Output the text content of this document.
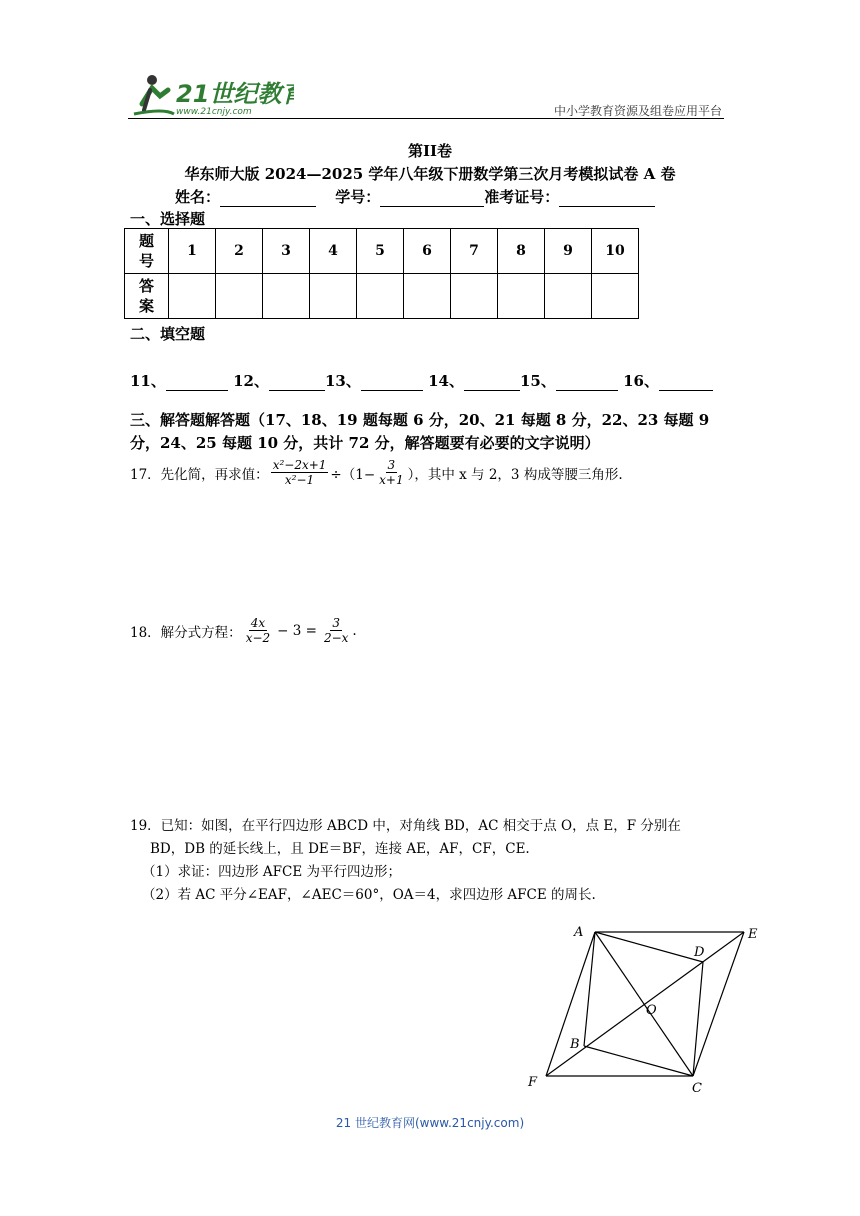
21世纪教育
www.21cnjy.com	中小学教育资源及组卷应用平台
第II卷
华东师大版 2024—2025 学年八年级下册数学第三次月考模拟试卷 A 卷
姓名：	学号：	准考证号：
一、选择题
题号	1	2	3	4	5	6	7	8	9	10
答案										
二、填空题
11、	12、	13、	14、	15、	16、
三、解答题解答题（17、18、19 题每题 6 分，20、21 每题 8 分，22、23 每题 9
分，24、25 每题 10 分，共计 72 分，解答题要有必要的文字说明）
17．先化简，再求值： $\frac{\text{x²−2x+1}}{\text{x²−1}} \div(1- \frac{3}{x+1}$ ），其中 x 与 2，3 构成等腰三角形.
18．解分式方程： $\frac{4x}{x-2} - 3 = \frac{3}{2-x}$ .
19．已知：如图，在平行四边形 ABCD 中，对角线 BD，AC 相交于点 O，点 E，F 分别在
BD，DB 的延长线上，且 DE＝BF，连接 AE，AF，CF，CE.
（1）求证：四边形 AFCE 为平行四边形；
（2）若 AC 平分∠EAF，∠AEC＝60°，OA＝4，求四边形 AFCE 的周长.
A	E
D
O
B
F	C
21 世纪教育网(www.21cnjy.com)
